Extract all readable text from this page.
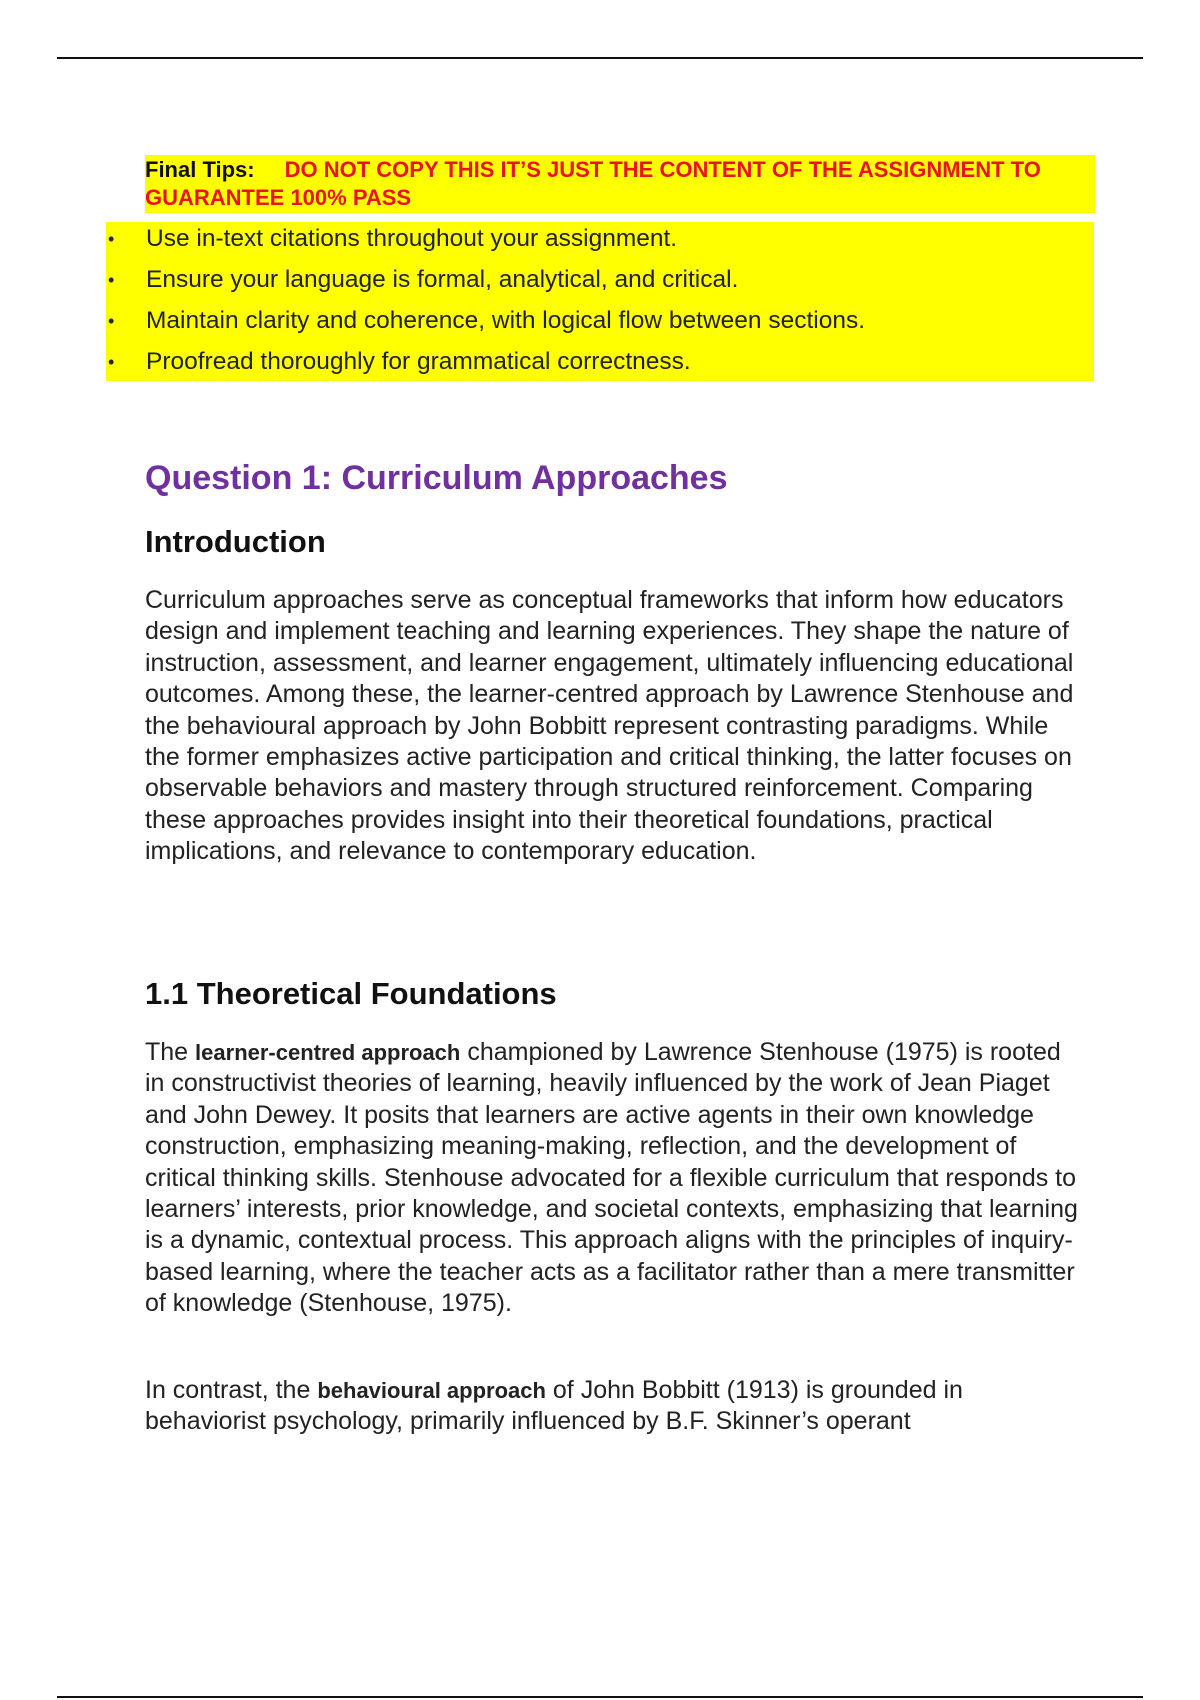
Final Tips: DO NOT COPY THIS IT’S JUST THE CONTENT OF THE ASSIGNMENT TO GUARANTEE 100% PASS
• Use in-text citations throughout your assignment.
• Ensure your language is formal, analytical, and critical.
• Maintain clarity and coherence, with logical flow between sections.
• Proofread thoroughly for grammatical correctness.
Question 1: Curriculum Approaches
Introduction

Curriculum approaches serve as conceptual frameworks that inform how educators design and implement teaching and learning experiences. They shape the nature of instruction, assessment, and learner engagement, ultimately influencing educational outcomes. Among these, the learner-centred approach by Lawrence Stenhouse and the behavioural approach by John Bobbitt represent contrasting paradigms. While the former emphasizes active participation and critical thinking, the latter focuses on observable behaviors and mastery through structured reinforcement. Comparing these approaches provides insight into their theoretical foundations, practical implications, and relevance to contemporary education.

1.1 Theoretical Foundations

The learner-centred approach championed by Lawrence Stenhouse (1975) is rooted in constructivist theories of learning, heavily influenced by the work of Jean Piaget and John Dewey. It posits that learners are active agents in their own knowledge construction, emphasizing meaning-making, reflection, and the development of critical thinking skills. Stenhouse advocated for a flexible curriculum that responds to learners’ interests, prior knowledge, and societal contexts, emphasizing that learning is a dynamic, contextual process. This approach aligns with the principles of inquiry-based learning, where the teacher acts as a facilitator rather than a mere transmitter of knowledge (Stenhouse, 1975).

In contrast, the behavioural approach of John Bobbitt (1913) is grounded in behaviorist psychology, primarily influenced by B.F. Skinner’s operant
